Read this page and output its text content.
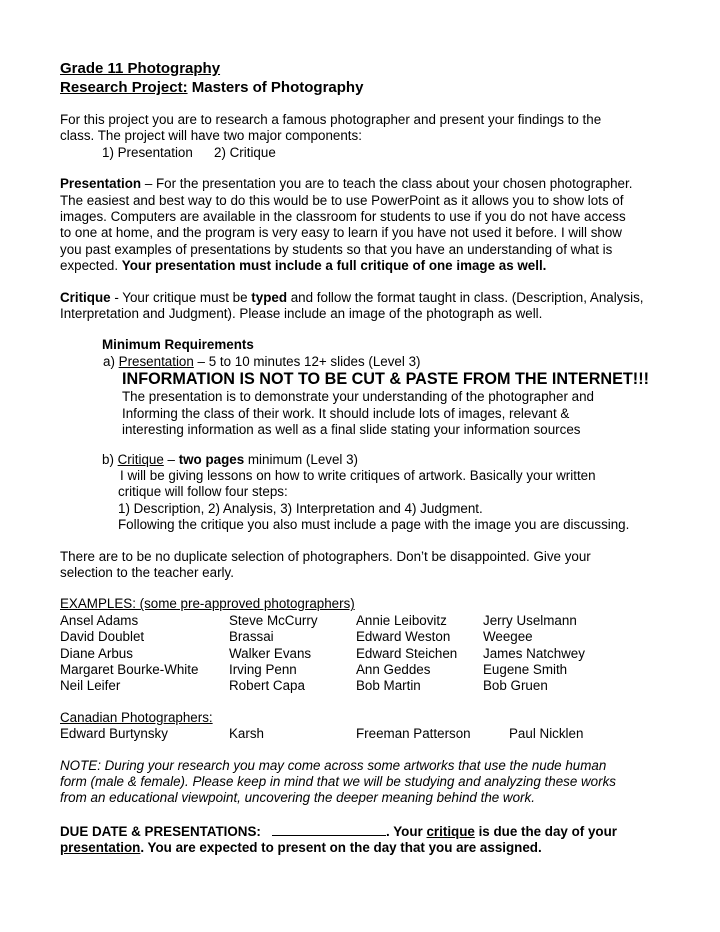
Grade 11 Photography
Research Project: Masters of Photography
For this project you are to research a famous photographer and present your findings to the
class. The project will have two major components:
1) Presentation 2) Critique
Presentation – For the presentation you are to teach the class about your chosen photographer.
The easiest and best way to do this would be to use PowerPoint as it allows you to show lots of
images. Computers are available in the classroom for students to use if you do not have access
to one at home, and the program is very easy to learn if you have not used it before. I will show
you past examples of presentations by students so that you have an understanding of what is
expected. Your presentation must include a full critique of one image as well.
Critique - Your critique must be typed and follow the format taught in class. (Description, Analysis,
Interpretation and Judgment). Please include an image of the photograph as well.
Minimum Requirements
a) Presentation – 5 to 10 minutes 12+ slides (Level 3)
INFORMATION IS NOT TO BE CUT & PASTE FROM THE INTERNET!!!
The presentation is to demonstrate your understanding of the photographer and
Informing the class of their work. It should include lots of images, relevant &
interesting information as well as a final slide stating your information sources
b) Critique – two pages minimum (Level 3)
I will be giving lessons on how to write critiques of artwork. Basically your written
critique will follow four steps:
1) Description, 2) Analysis, 3) Interpretation and 4) Judgment.
Following the critique you also must include a page with the image you are discussing.
There are to be no duplicate selection of photographers. Don’t be disappointed. Give your
selection to the teacher early.
EXAMPLES: (some pre-approved photographers)
Ansel Adams	Steve McCurry	Annie Leibovitz	Jerry Uselmann
David Doublet	Brassai	Edward Weston	Weegee
Diane Arbus	Walker Evans	Edward Steichen	James Natchwey
Margaret Bourke-White	Irving Penn	Ann Geddes	Eugene Smith
Neil Leifer	Robert Capa	Bob Martin	Bob Gruen
Canadian Photographers:
Edward Burtynsky	Karsh	Freeman Patterson	Paul Nicklen
NOTE: During your research you may come across some artworks that use the nude human
form (male & female). Please keep in mind that we will be studying and analyzing these works
from an educational viewpoint, uncovering the deeper meaning behind the work.
DUE DATE & PRESENTATIONS:	. Your critique is due the day of your
presentation. You are expected to present on the day that you are assigned.
